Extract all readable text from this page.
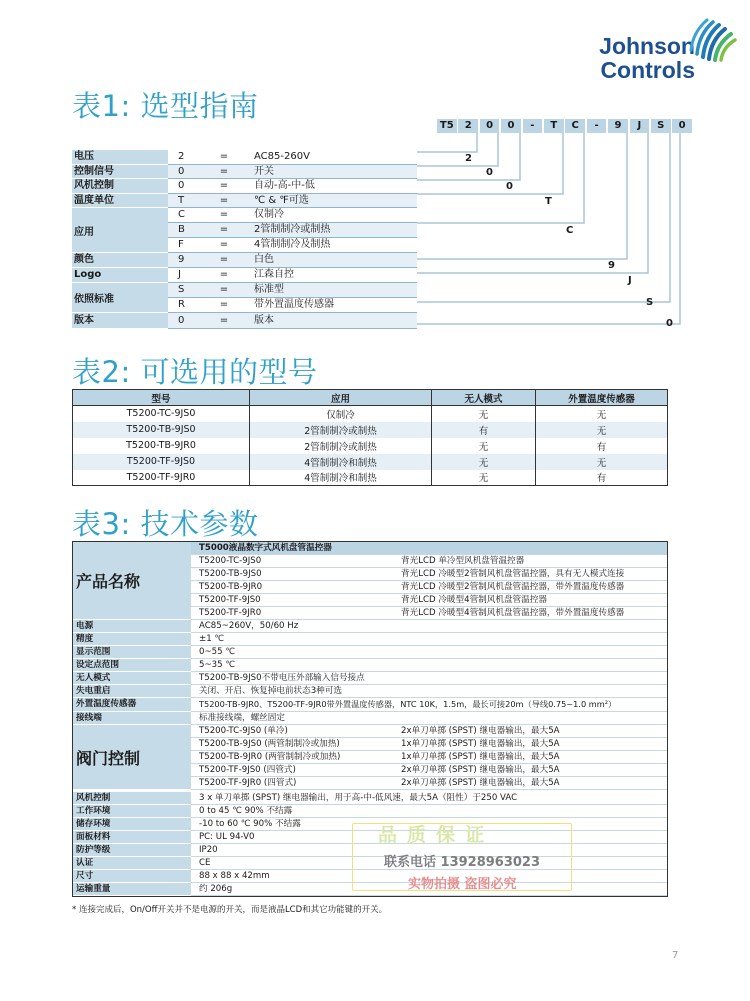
Johnson
Controls
表1: 选型指南
T5	2	0	0	-	T	C	-	9	J	S	0
2
0
0
T
C
9
J
S
0
电压	2	=	AC85-260V
控制信号	0	=	开关
风机控制	0	=	自动-高-中-低
温度单位	T	=	℃ & ℉可选
应用
C	=	仅制冷
B	=	2管制制冷或制热
F	=	4管制制冷及制热
颜色	9	=	白色
Logo	J	=	江森自控
依照标准
S	=	标准型
R	=	带外置温度传感器
版本	0	=	版本
表2: 可选用的型号
型号	应用	无人模式	外置温度传感器
T5200-TC-9JS0	仅制冷	无	无
T5200-TB-9JS0	2管制制冷或制热	有	无
T5200-TB-9JR0	2管制制冷或制热	无	有
T5200-TF-9JS0	4管制制冷和制热	无	无
T5200-TF-9JR0	4管制制冷和制热	无	有
表3: 技术参数
产品名称
T5000液晶数字式风机盘管温控器
T5200-TC-9JS0	背光LCD 单冷型风机盘管温控器
T5200-TB-9JS0	背光LCD 冷暖型2管制风机盘管温控器，具有无人模式连接
T5200-TB-9JR0	背光LCD 冷暖型2管制风机盘管温控器，带外置温度传感器
T5200-TF-9JS0	背光LCD 冷暖型4管制风机盘管温控器
T5200-TF-9JR0	背光LCD 冷暖型4管制风机盘管温控器，带外置温度传感器
电源	AC85~260V，50/60 Hz
精度	±1 ℃
显示范围	0~55 ℃
设定点范围	5~35 ℃
无人模式	T5200-TB-9JS0不带电压外部输入信号接点
失电重启	关闭、开启、恢复掉电前状态3种可选
外置温度传感器	T5200-TB-9JR0、T5200-TF-9JR0带外置温度传感器，NTC 10K，1.5m，最长可接20m（导线0.75~1.0 mm²）
接线端	标准接线端，螺丝固定
阀门控制
T5200-TC-9JS0 (单冷)	2x单刀单掷 (SPST) 继电器输出，最大5A
T5200-TB-9JS0 (两管制制冷或加热)	1x单刀单掷 (SPST) 继电器输出，最大5A
T5200-TB-9JR0 (两管制制冷或加热)	1x单刀单掷 (SPST) 继电器输出，最大5A
T5200-TF-9JS0 (四管式)	2x单刀单掷 (SPST) 继电器输出，最大5A
T5200-TF-9JR0 (四管式)	2x单刀单掷 (SPST) 继电器输出，最大5A
风机控制	3 x 单刀单掷 (SPST) 继电器输出，用于高-中-低风速，最大5A（阻性）于250 VAC
工作环境	0 to 45 ℃ 90% 不结露
储存环境	-10 to 60 ℃ 90% 不结露
面板材料	PC: UL 94-V0
防护等级	IP20
认证	CE
尺寸	88 x 88 x 42mm
运输重量	约 206g
品质保证
联系电话 13928963023
实物拍摄 盗图必究
* 连接完成后，On/Off开关并不是电源的开关，而是液晶LCD和其它功能键的开关。
7
